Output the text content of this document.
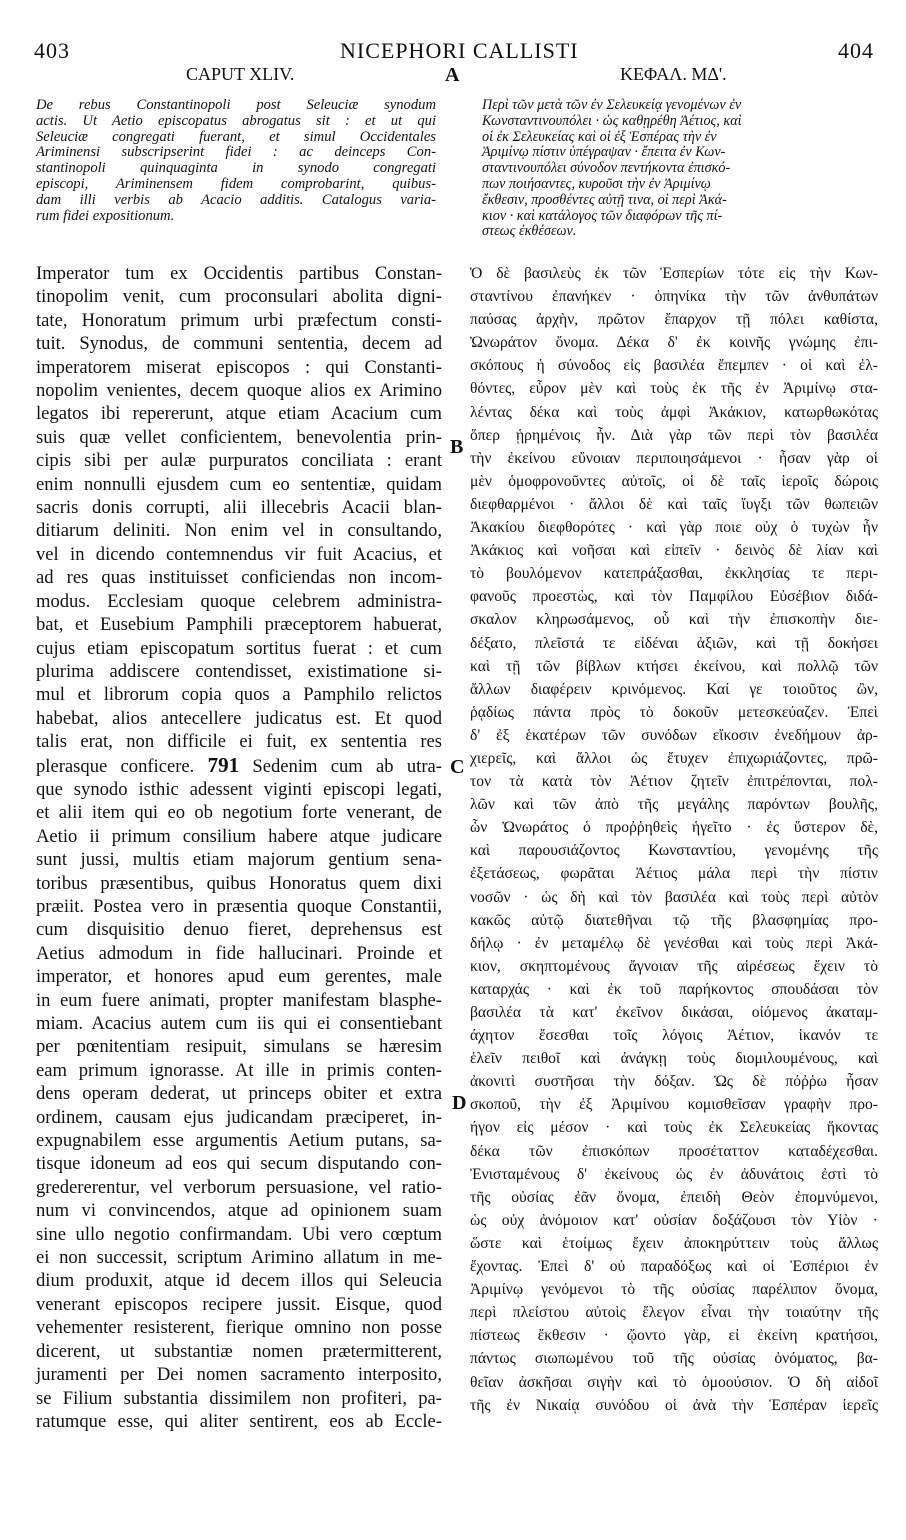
403	NICEPHORI CALLISTI	404
CAPUT XLIV.	ΚΕΦΑΛ. ΜΔ'.
A
B
C
D
De rebus Constantinopoli post Seleuciæ synodum
actis. Ut Aetio episcopatus abrogatus sit : et ut qui
Seleuciæ congregati fuerant, et simul Occidentales
Ariminensi subscripserint fidei : ac deinceps Con-
stantinopoli quinquaginta in synodo congregati
episcopi, Ariminensem fidem comprobarint, quibus-
dam illi verbis ab Acacio additis. Catalogus varia-
rum fidei expositionum.
Περὶ τῶν μετὰ τῶν ἐν Σελευκείᾳ γενομένων ἐν
Κωνσταντινουπόλει · ὡς καθῃρέθη Ἀέτιος, καὶ
οἱ ἐκ Σελευκείας καὶ οἱ ἐξ Ἑσπέρας τὴν ἐν
Ἀριμίνῳ πίστιν ὑπέγραψαν · ἔπειτα ἐν Κων-
σταντινουπόλει σύνοδον πεντήκοντα ἐπισκό-
πων ποιήσαντες, κυροῦσι τὴν ἐν Ἀριμίνῳ
ἔκθεσιν, προσθέντες αὐτῇ τινα, οἱ περὶ Ἀκά-
κιον · καὶ κατάλογος τῶν διαφόρων τῆς πί-
στεως ἐκθέσεων.
Imperator tum ex Occidentis partibus Constan-
tinopolim venit, cum proconsulari abolita digni-
tate, Honoratum primum urbi præfectum consti-
tuit. Synodus, de communi sententia, decem ad
imperatorem miserat episcopos : qui Constanti-
nopolim venientes, decem quoque alios ex Arimino
legatos ibi repererunt, atque etiam Acacium cum
suis quæ vellet conficientem, benevolentia prin-
cipis sibi per aulæ purpuratos conciliata : erant
enim nonnulli ejusdem cum eo sententiæ, quidam
sacris donis corrupti, alii illecebris Acacii blan-
ditiarum deliniti. Non enim vel in consultando,
vel in dicendo contemnendus vir fuit Acacius, et
ad res quas instituisset conficiendas non incom-
modus. Ecclesiam quoque celebrem administra-
bat, et Eusebium Pamphili præceptorem habuerat,
cujus etiam episcopatum sortitus fuerat : et cum
plurima addiscere contendisset, existimatione si-
mul et librorum copia quos a Pamphilo relictos
habebat, alios antecellere judicatus est. Et quod
talis erat, non difficile ei fuit, ex sententia res
plerasque conficere. 791 Sedenim cum ab utra-
que synodo isthic adessent viginti episcopi legati,
et alii item qui eo ob negotium forte venerant, de
Aetio ii primum consilium habere atque judicare
sunt jussi, multis etiam majorum gentium sena-
toribus præsentibus, quibus Honoratus quem dixi
præiit. Postea vero in præsentia quoque Constantii,
cum disquisitio denuo fieret, deprehensus est
Aetius admodum in fide hallucinari. Proinde et
imperator, et honores apud eum gerentes, male
in eum fuere animati, propter manifestam blasphe-
miam. Acacius autem cum iis qui ei consentiebant
per pœnitentiam resipuit, simulans se hæresim
eam primum ignorasse. At ille in primis conten-
dens operam dederat, ut princeps obiter et extra
ordinem, causam ejus judicandam præciperet, in-
expugnabilem esse argumentis Aetium putans, sa-
tisque idoneum ad eos qui secum disputando con-
gredererentur, vel verborum persuasione, vel ratio-
num vi convincendos, atque ad opinionem suam
sine ullo negotio confirmandam. Ubi vero cœptum
ei non successit, scriptum Arimino allatum in me-
dium produxit, atque id decem illos qui Seleucia
venerant episcopos recipere jussit. Eisque, quod
vehementer resisterent, fierique omnino non posse
dicerent, ut substantiæ nomen prætermitterent,
juramenti per Dei nomen sacramento interposito,
se Filium substantia dissimilem non profiteri, pa-
ratumque esse, qui aliter sentirent, eos ab Eccle-
Ὁ δὲ βασιλεὺς ἐκ τῶν Ἑσπερίων τότε εἰς τὴν Κων-
σταντίνου ἐπανήκεν · ὁπηνίκα τὴν τῶν ἀνθυπάτων
παύσας ἀρχὴν, πρῶτον ἔπαρχον τῇ πόλει καθίστα,
Ὠνωράτον ὄνομα. Δέκα δ' ἐκ κοινῆς γνώμης ἐπι-
σκόπους ἡ σύνοδος εἰς βασιλέα ἔπεμπεν · οἱ καὶ ἐλ-
θόντες, εὗρον μὲν καὶ τοὺς ἐκ τῆς ἐν Ἀριμίνῳ στα-
λέντας δέκα καὶ τοὺς ἀμφὶ Ἀκάκιον, κατωρθωκότας
ὅπερ ᾑρημένοις ἦν. Διὰ γὰρ τῶν περὶ τὸν βασιλέα
τὴν ἐκείνου εὔνοιαν περιποιησάμενοι · ἦσαν γὰρ οἱ
μὲν ὁμοφρονοῦντες αὐτοῖς, οἱ δὲ ταῖς ἱεροῖς δώροις
διεφθαρμένοι · ἄλλοι δὲ καὶ ταῖς ἴυγξι τῶν θωπειῶν
Ἀκακίου διεφθορότες · καὶ γὰρ ποιε οὐχ ὁ τυχὼν ἦν
Ἀκάκιος καὶ νοῆσαι καὶ εἰπεῖν · δεινὸς δὲ λίαν καὶ
τὸ βουλόμενον κατεπράξασθαι, ἐκκλησίας τε περι-
φανοῦς προεστὼς, καὶ τὸν Παμφίλου Εὐσέβιον διδά-
σκαλον κληρωσάμενος, οὗ καὶ τὴν ἐπισκοπὴν διε-
δέξατο, πλεῖστά τε εἰδέναι ἀξιῶν, καὶ τῇ δοκήσει
καὶ τῇ τῶν βίβλων κτήσει ἐκείνου, καὶ πολλῷ τῶν
ἄλλων διαφέρειν κρινόμενος. Καί γε τοιοῦτος ὢν,
ῥᾳδίως πάντα πρὸς τὸ δοκοῦν μετεσκεύαζεν. Ἐπεὶ
δ' ἐξ ἑκατέρων τῶν συνόδων εἴκοσιν ἐνεδήμουν ἀρ-
χιερεῖς, καὶ ἄλλοι ὡς ἔτυχεν ἐπιχωριάζοντες, πρῶ-
τον τὰ κατὰ τὸν Ἀέτιον ζητεῖν ἐπιτρέπονται, πολ-
λῶν καὶ τῶν ἀπὸ τῆς μεγάλης παρόντων βουλῆς,
ὧν Ὠνωράτος ὁ προῤῥηθεὶς ἡγεῖτο · ἐς ὕστερον δὲ,
καὶ παρουσιάζοντος Κωνσταντίου, γενομένης τῆς
ἐξετάσεως, φωρᾶται Ἀέτιος μάλα περὶ τὴν πίστιν
νοσῶν · ὡς δὴ καὶ τὸν βασιλέα καὶ τοὺς περὶ αὐτὸν
κακῶς αὐτῷ διατεθῆναι τῷ τῆς βλασφημίας προ-
δήλῳ · ἐν μεταμέλῳ δὲ γενέσθαι καὶ τοὺς περὶ Ἀκά-
κιον, σκηπτομένους ἄγνοιαν τῆς αἱρέσεως ἔχειν τὸ
καταρχάς · καὶ ἐκ τοῦ παρήκοντος σπουδάσαι τὸν
βασιλέα τὰ κατ' ἐκεῖνον δικάσαι, οἰόμενος ἀκαταμ-
άχητον ἔσεσθαι τοῖς λόγοις Ἀέτιον, ἱκανόν τε
ἑλεῖν πειθοῖ καὶ ἀνάγκῃ τοὺς διομιλουμένους, καὶ
ἀκονιτὶ συστῆσαι τὴν δόξαν. Ὡς δὲ πόῤῥω ἦσαν
σκοποῦ, τὴν ἐξ Ἀριμίνου κομισθεῖσαν γραφὴν προ-
ήγον εἰς μέσον · καὶ τοὺς ἐκ Σελευκείας ἥκοντας
δέκα τῶν ἐπισκόπων προσέταττον καταδέχεσθαι.
Ἐνισταμένους δ' ἐκείνους ὡς ἐν ἀδυνάτοις ἐστὶ τὸ
τῆς οὐσίας ἐᾶν ὄνομα, ἐπειδὴ Θεὸν ἐπομνύμενοι,
ὡς οὐχ ἀνόμοιον κατ' οὐσίαν δοξάζουσι τὸν Υἱὸν ·
ὥστε καὶ ἑτοίμως ἔχειν ἀποκηρύττειν τοὺς ἄλλως
ἔχοντας. Ἐπεὶ δ' οὐ παραδόξως καὶ οἱ Ἑσπέριοι ἐν
Ἀριμίνῳ γενόμενοι τὸ τῆς οὐσίας παρέλιπον ὄνομα,
περὶ πλείστου αὐτοὶς ἔλεγον εἶναι τὴν τοιαύτην τῆς
πίστεως ἔκθεσιν · ᾤοντο γὰρ, εἰ ἐκείνη κρατήσοι,
πάντως σιωπωμένου τοῦ τῆς οὐσίας ὀνόματος, βα-
θεῖαν ἀσκῆσαι σιγὴν καὶ τὸ ὁμοούσιον. Ὁ δὴ αἰδοῖ
τῆς ἐν Νικαίᾳ συνόδου οἱ ἀνὰ τὴν Ἑσπέραν ἱερεῖς
